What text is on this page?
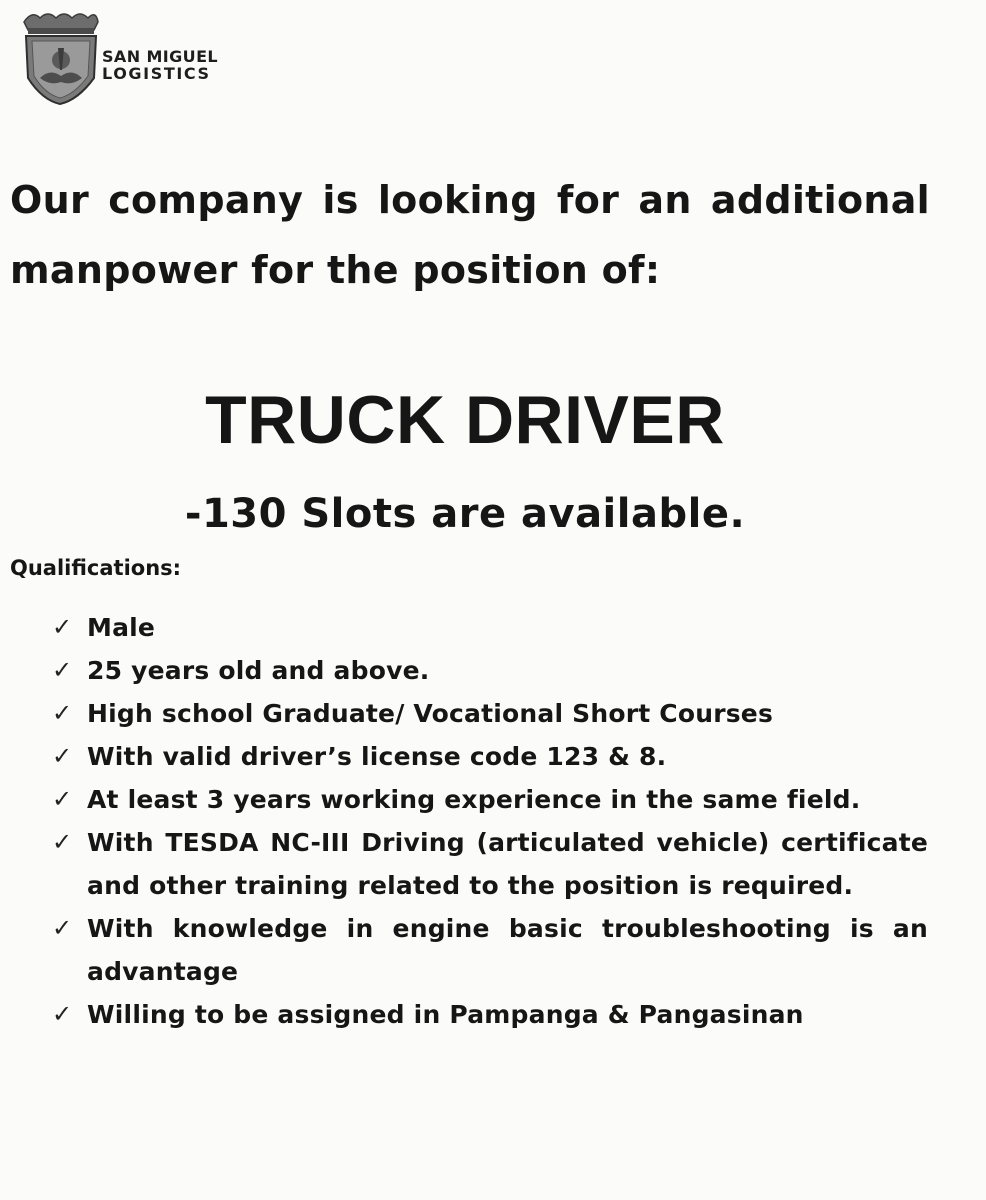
SAN MIGUEL
LOGISTICS
Our company is looking for an additional manpower for the position of:
TRUCK DRIVER
-130 Slots are available.
Qualifications:
✓ Male
✓ 25 years old and above.
✓ High school Graduate/ Vocational Short Courses
✓ With valid driver’s license code 123 & 8.
✓ At least 3 years working experience in the same field.
✓ With TESDA NC-III Driving (articulated vehicle) certificate and other training related to the position is required.
✓ With knowledge in engine basic troubleshooting is an advantage
✓ Willing to be assigned in Pampanga & Pangasinan
